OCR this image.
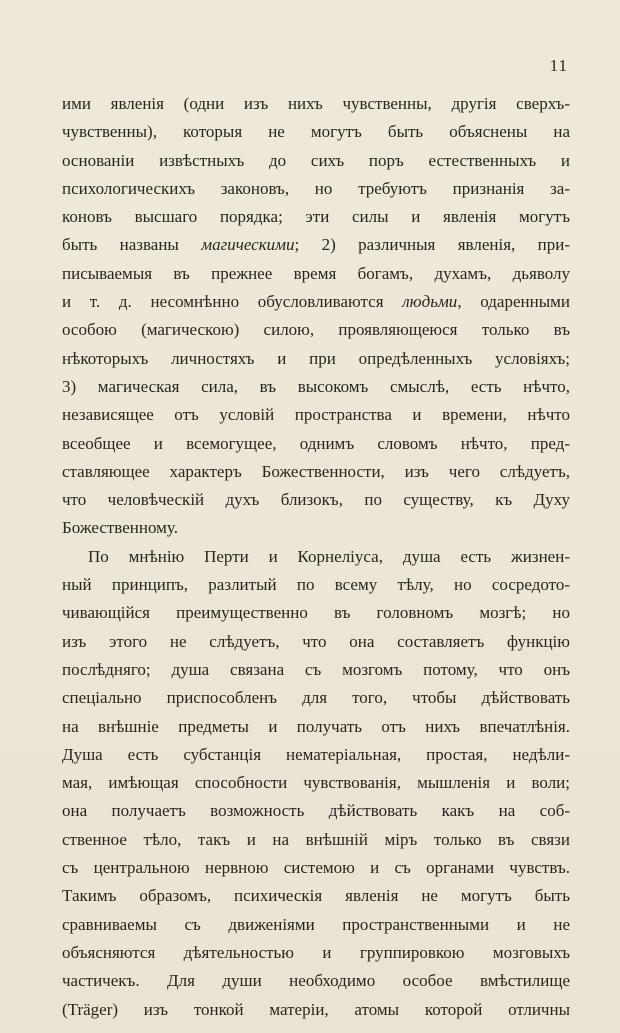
11
ими явленія (одни изъ нихъ чувственны, другія сверхъ-
чувственны), которыя не могутъ быть объяснены на
основаніи извѣстныхъ до сихъ поръ естественныхъ и
психологическихъ законовъ, но требуютъ признанія за-
коновъ высшаго порядка; эти силы и явленія могутъ
быть названы магическими; 2) различныя явленія, при-
писываемыя въ прежнее время богамъ, духамъ, дьяволу
и т. д. несомнѣнно обусловливаются людьми, одаренными
особою (магическою) силою, проявляющеюся только въ
нѣкоторыхъ личностяхъ и при опредѣленныхъ условіяхъ;
3) магическая сила, въ высокомъ смыслѣ, есть нѣчто,
независящее отъ условій пространства и времени, нѣчто
всеобщее и всемогущее, однимъ словомъ нѣчто, пред-
ставляющее характеръ Божественности, изъ чего слѣдуетъ,
что человѣческій духъ близокъ, по существу, къ Духу
Божественному.
По мнѣнію Перти и Корнеліуса, душа есть жизнен-
ный принципъ, разлитый по всему тѣлу, но сосредото-
чивающійся преимущественно въ головномъ мозгѣ; но
изъ этого не слѣдуетъ, что она составляетъ функцію
послѣдняго; душа связана съ мозгомъ потому, что онъ
спеціально приспособленъ для того, чтобы дѣйствовать
на внѣшніе предметы и получать отъ нихъ впечатлѣнія.
Душа есть субстанція нематеріальная, простая, недѣли-
мая, имѣющая способности чувствованія, мышленія и воли;
она получаетъ возможность дѣйствовать какъ на соб-
ственное тѣло, такъ и на внѣшній міръ только въ связи
съ центральною нервною системою и съ органами чувствъ.
Такимъ образомъ, психическія явленія не могутъ быть
сравниваемы съ движеніями пространственными и не
объясняются дѣятельностью и группировкою мозговыхъ
частичекъ. Для души необходимо особое вмѣстилище
(Träger) изъ тонкой матеріи, атомы которой отличны
